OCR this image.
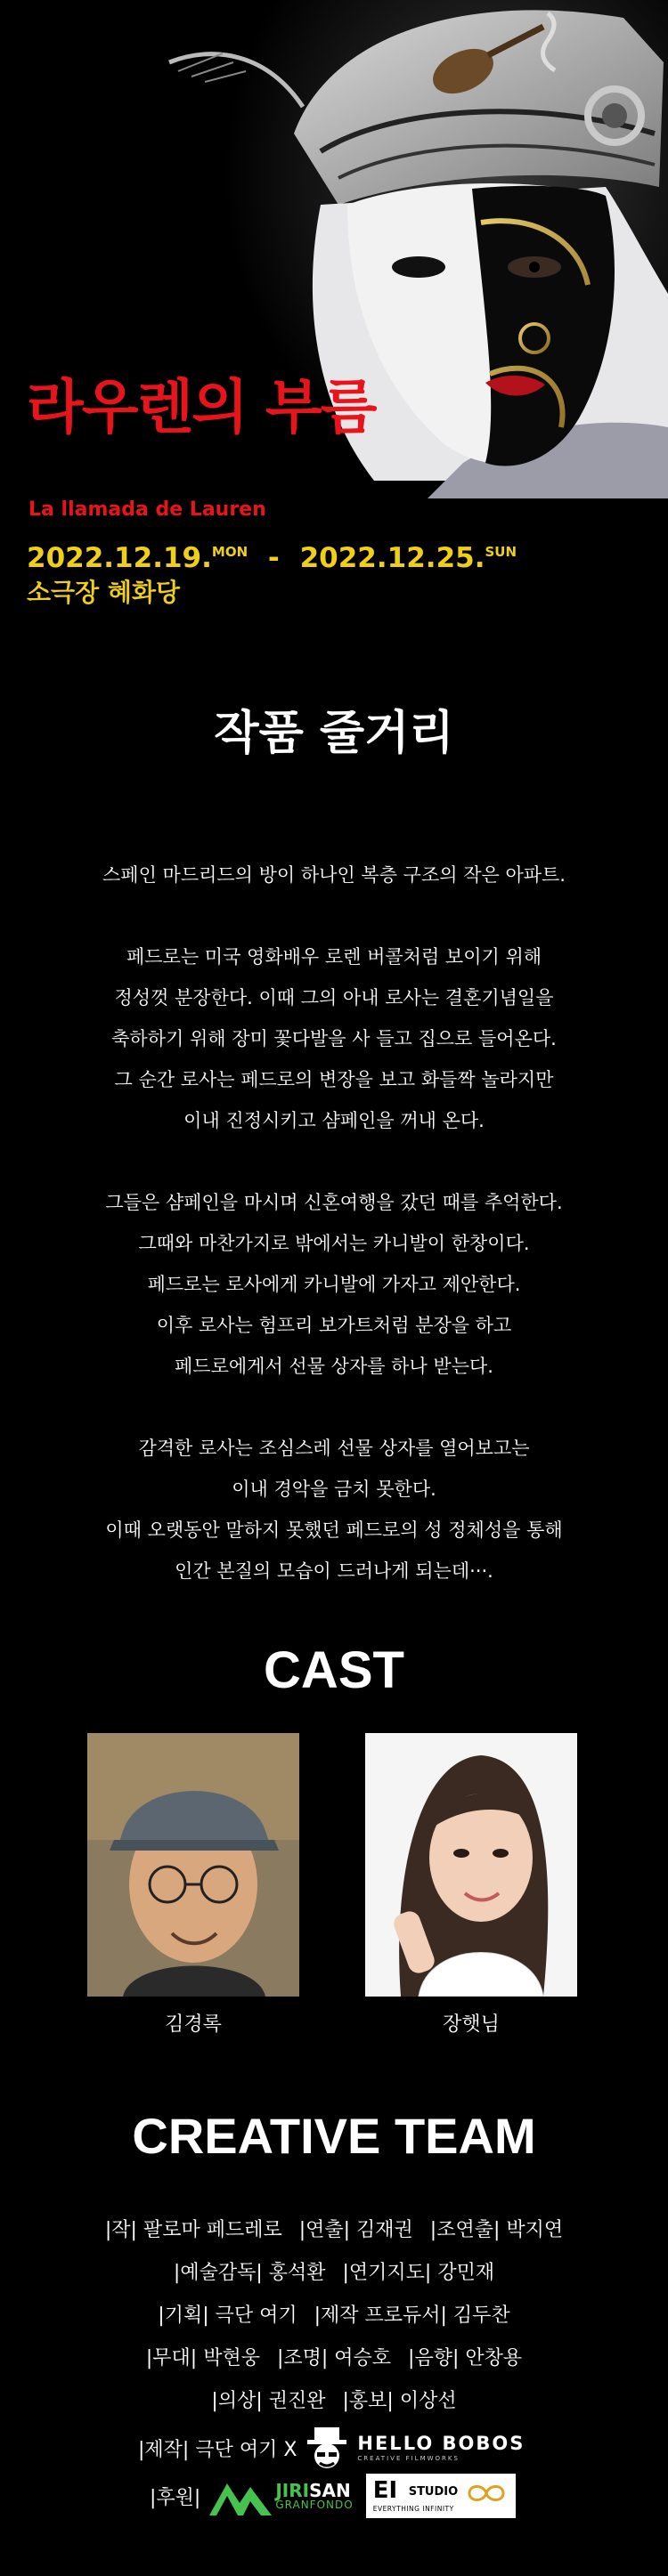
라우렌의 부름
La llamada de Lauren
2022.12.19.$^{MON}$ - 2022.12.25.$^{SUN}$
소극장 혜화당
작품 줄거리

스페인 마드리드의 방이 하나인 복층 구조의 작은 아파트.

페드로는 미국 영화배우 로렌 버콜처럼 보이기 위해
정성껏 분장한다. 이때 그의 아내 로사는 결혼기념일을
축하하기 위해 장미 꽃다발을 사 들고 집으로 들어온다.
그 순간 로사는 페드로의 변장을 보고 화들짝 놀라지만
이내 진정시키고 샴페인을 꺼내 온다.

그들은 샴페인을 마시며 신혼여행을 갔던 때를 추억한다.
그때와 마찬가지로 밖에서는 카니발이 한창이다.
페드로는 로사에게 카니발에 가자고 제안한다.
이후 로사는 험프리 보가트처럼 분장을 하고
페드로에게서 선물 상자를 하나 받는다.

감격한 로사는 조심스레 선물 상자를 열어보고는
이내 경악을 금치 못한다.
이때 오랫동안 말하지 못했던 페드로의 성 정체성을 통해
인간 본질의 모습이 드러나게 되는데···.

CAST
김경록	장햇님
CREATIVE TEAM
|작| 팔로마 페드레로 |연출| 김재권 |조연출| 박지연
|예술감독| 홍석환 |연기지도| 강민재
|기획| 극단 여기 |제작 프로듀서| 김두찬
|무대| 박현웅 |조명| 여승호 |음향| 안창용
|의상| 권진완 |홍보| 이상선
|제작| 극단 여기 X	HELLO BOBOS
CREATIVE FILMWORKS
|후원|	JIRISAN
GRANFONDO
EI STUDIO
EVERYTHING INFINITY
